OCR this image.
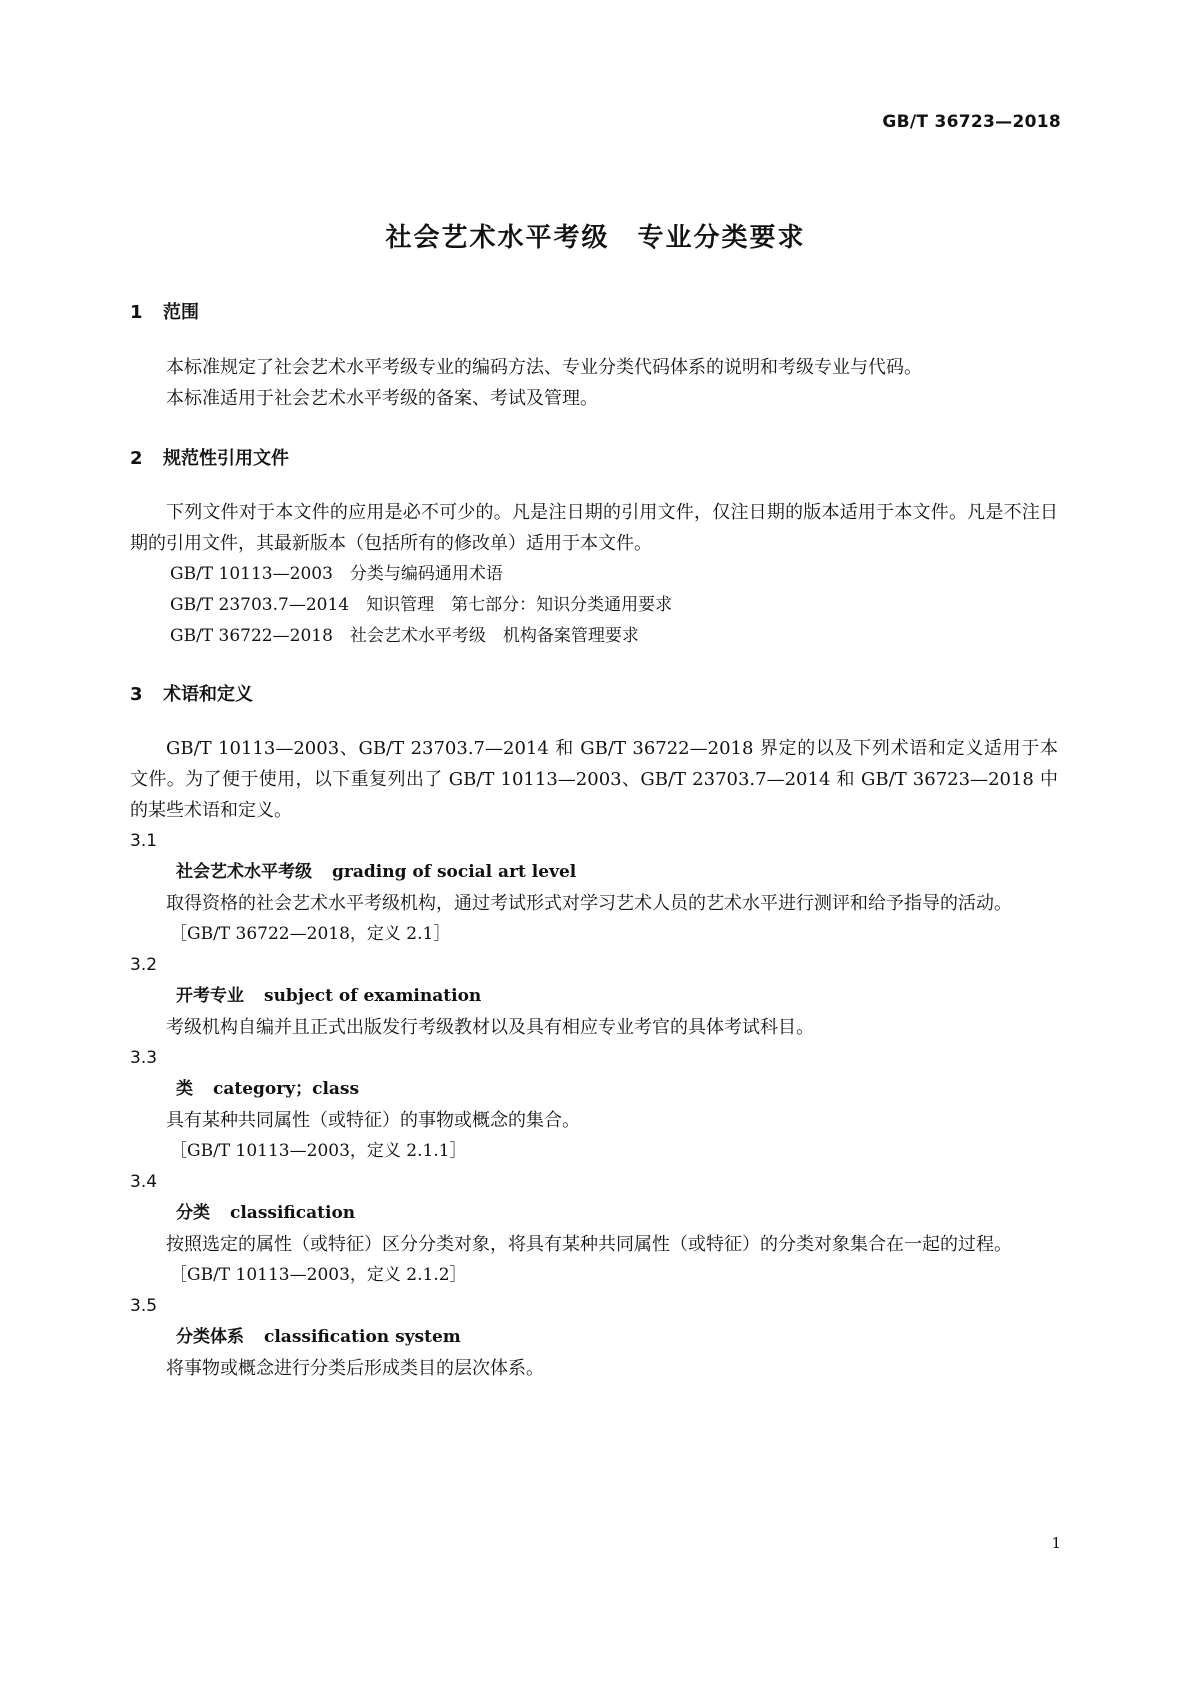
GB/T 36723—2018
社会艺术水平考级　专业分类要求
1 范围
本标准规定了社会艺术水平考级专业的编码方法、专业分类代码体系的说明和考级专业与代码。
本标准适用于社会艺术水平考级的备案、考试及管理。
2 规范性引用文件
下列文件对于本文件的应用是必不可少的。凡是注日期的引用文件，仅注日期的版本适用于本文件。凡是不注日期的引用文件，其最新版本（包括所有的修改单）适用于本文件。
GB/T 10113—2003　分类与编码通用术语
GB/T 23703.7—2014　知识管理　第七部分：知识分类通用要求
GB/T 36722—2018　社会艺术水平考级　机构备案管理要求
3 术语和定义
GB/T 10113—2003、GB/T 23703.7—2014 和 GB/T 36722—2018 界定的以及下列术语和定义适用于本文件。为了便于使用，以下重复列出了 GB/T 10113—2003、GB/T 23703.7—2014 和 GB/T 36723—2018 中的某些术语和定义。
3.1
社会艺术水平考级 grading of social art level
取得资格的社会艺术水平考级机构，通过考试形式对学习艺术人员的艺术水平进行测评和给予指导的活动。
［GB/T 36722—2018，定义 2.1］
3.2
开考专业 subject of examination
考级机构自编并且正式出版发行考级教材以及具有相应专业考官的具体考试科目。
3.3
类 category；class
具有某种共同属性（或特征）的事物或概念的集合。
［GB/T 10113—2003，定义 2.1.1］
3.4
分类 classification
按照选定的属性（或特征）区分分类对象，将具有某种共同属性（或特征）的分类对象集合在一起的过程。
［GB/T 10113—2003，定义 2.1.2］
3.5
分类体系 classification system
将事物或概念进行分类后形成类目的层次体系。
1
